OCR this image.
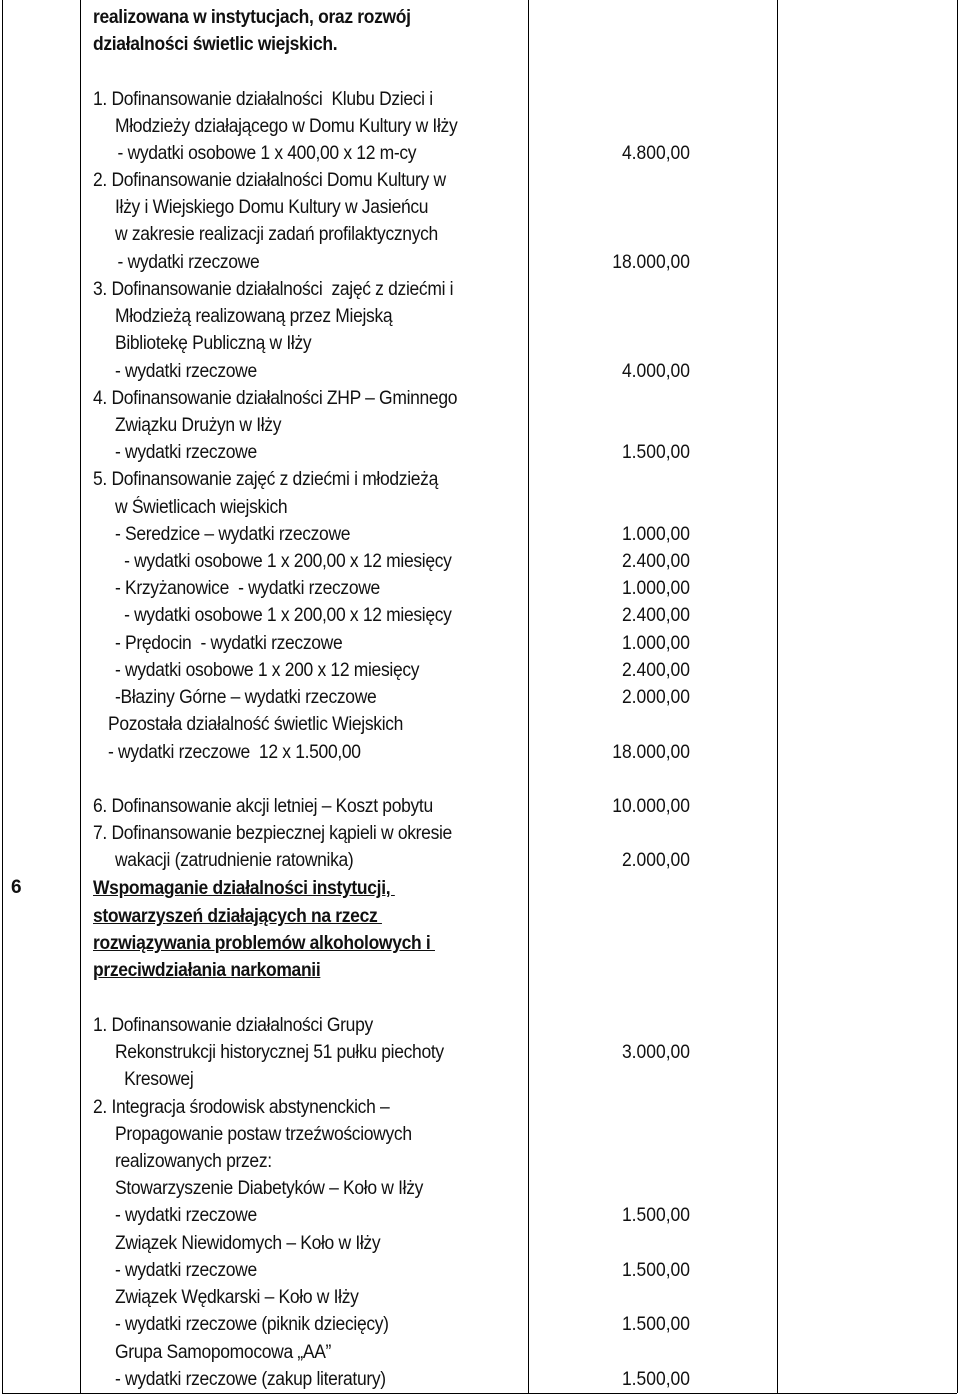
realizowana w instytucjach, oraz rozwój
działalności świetlic wiejskich.
1. Dofinansowanie działalności  Klubu Dzieci i
Młodzieży działającego w Domu Kultury w Iłży
- wydatki osobowe 1 x 400,00 x 12 m-cy	4.800,00
2. Dofinansowanie działalności Domu Kultury w
Iłży i Wiejskiego Domu Kultury w Jasieńcu
w zakresie realizacji zadań profilaktycznych
- wydatki rzeczowe	18.000,00
3. Dofinansowanie działalności  zajęć z dziećmi i
Młodzieżą realizowaną przez Miejską
Bibliotekę Publiczną w Iłży
- wydatki rzeczowe	4.000,00
4. Dofinansowanie działalności ZHP – Gminnego
Związku Drużyn w Iłży
- wydatki rzeczowe	1.500,00
5. Dofinansowanie zajęć z dziećmi i młodzieżą
w Świetlicach wiejskich
- Seredzice – wydatki rzeczowe	1.000,00
- wydatki osobowe 1 x 200,00 x 12 miesięcy	2.400,00
- Krzyżanowice  - wydatki rzeczowe	1.000,00
- wydatki osobowe 1 x 200,00 x 12 miesięcy	2.400,00
- Prędocin  - wydatki rzeczowe	1.000,00
- wydatki osobowe 1 x 200 x 12 miesięcy	2.400,00
-Błaziny Górne – wydatki rzeczowe	2.000,00
Pozostała działalność świetlic Wiejskich
- wydatki rzeczowe  12 x 1.500,00	18.000,00
6. Dofinansowanie akcji letniej – Koszt pobytu	10.000,00
7. Dofinansowanie bezpiecznej kąpieli w okresie
wakacji (zatrudnienie ratownika)	2.000,00
6	Wspomaganie działalności instytucji,
stowarzyszeń działających na rzecz
rozwiązywania problemów alkoholowych i
przeciwdziałania narkomanii
1. Dofinansowanie działalności Grupy
Rekonstrukcji historycznej 51 pułku piechoty	3.000,00
Kresowej
2. Integracja środowisk abstynenckich –
Propagowanie postaw trzeźwościowych
realizowanych przez:
Stowarzyszenie Diabetyków – Koło w Iłży
- wydatki rzeczowe	1.500,00
Związek Niewidomych – Koło w Iłży
- wydatki rzeczowe	1.500,00
Związek Wędkarski – Koło w Iłży
- wydatki rzeczowe (piknik dziecięcy)	1.500,00
Grupa Samopomocowa „AA”
- wydatki rzeczowe (zakup literatury)	1.500,00
